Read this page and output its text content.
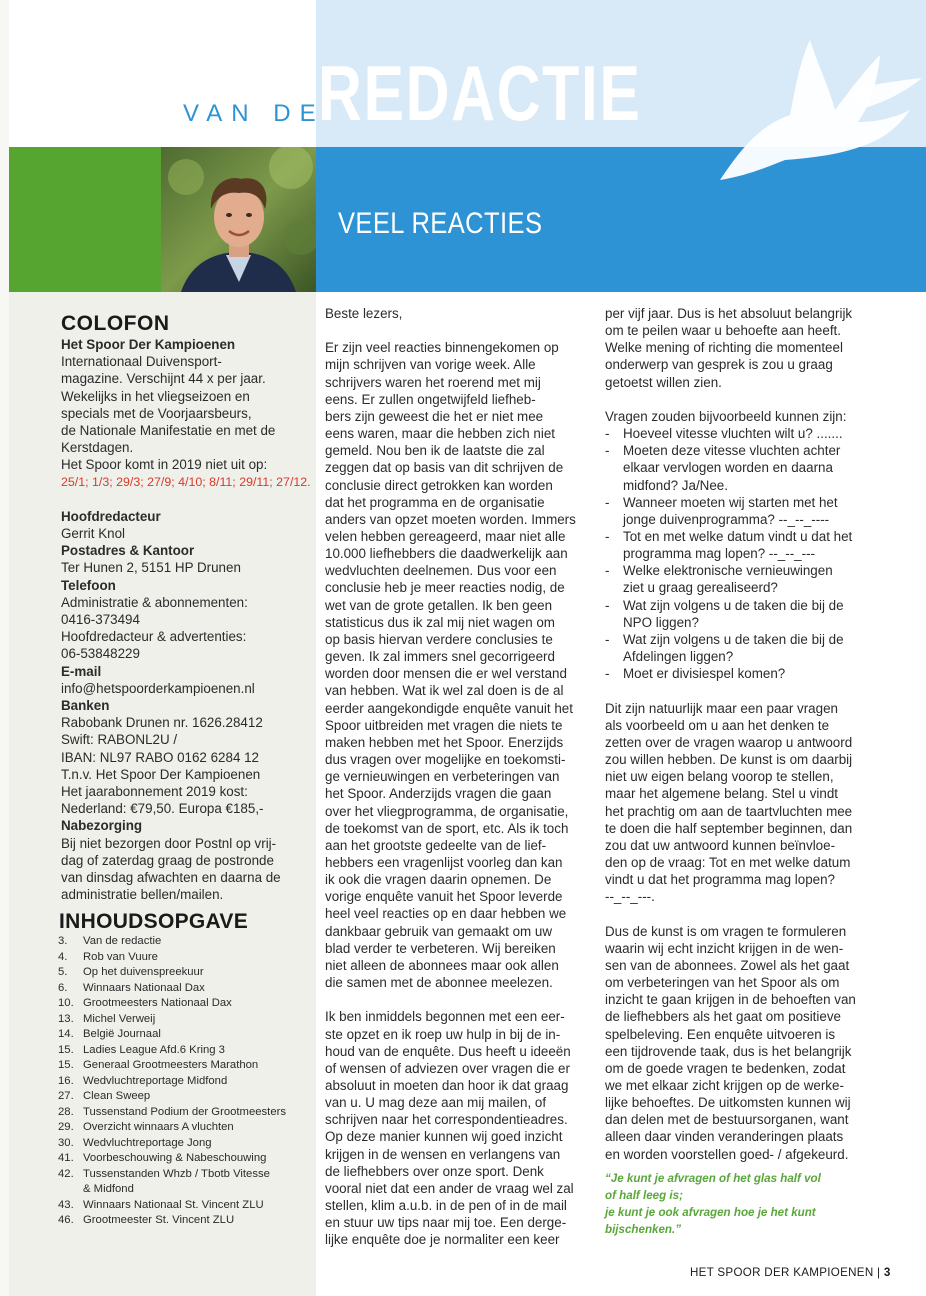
VAN DE
REDACTIE
VEEL REACTIES
COLOFON
Het Spoor Der Kampioenen
Internationaal Duivensport-
magazine. Verschijnt 44 x per jaar.
Wekelijks in het vliegseizoen en
specials met de Voorjaarsbeurs,
de Nationale Manifestatie en met de
Kerstdagen.
Het Spoor komt in 2019 niet uit op:
25/1; 1/3; 29/3; 27/9; 4/10; 8/11; 29/11; 27/12.
Hoofdredacteur
Gerrit Knol
Postadres & Kantoor
Ter Hunen 2, 5151 HP Drunen
Telefoon
Administratie & abonnementen:
0416-373494
Hoofdredacteur & advertenties:
06-53848229
E-mail
info@hetspoorderkampioenen.nl
Banken
Rabobank Drunen nr. 1626.28412
Swift: RABONL2U /
IBAN: NL97 RABO 0162 6284 12
T.n.v. Het Spoor Der Kampioenen
Het jaarabonnement 2019 kost:
Nederland: €79,50. Europa €185,-
Nabezorging
Bij niet bezorgen door Postnl op vrij-
dag of zaterdag graag de postronde
van dinsdag afwachten en daarna de
administratie bellen/mailen.
INHOUDSOPGAVE
3.	Van de redactie
4.	Rob van Vuure
5.	Op het duivenspreekuur
6.	Winnaars Nationaal Dax
10. Grootmeesters Nationaal Dax
13. Michel Verweij
14. België Journaal
15. Ladies League Afd.6 Kring 3
15. Generaal Grootmeesters Marathon
16. Wedvluchtreportage Midfond
27. Clean Sweep
28. Tussenstand Podium der Grootmeesters
29. Overzicht winnaars A vluchten
30. Wedvluchtreportage Jong
41. Voorbeschouwing & Nabeschouwing
42. Tussenstanden Whzb / Tbotb Vitesse
& Midfond
43. Winnaars Nationaal St. Vincent ZLU
46. Grootmeester St. Vincent ZLU

Beste lezers,

Er zijn veel reacties binnengekomen op
mijn schrijven van vorige week. Alle
schrijvers waren het roerend met mij
eens. Er zullen ongetwijfeld liefheb-
bers zijn geweest die het er niet mee
eens waren, maar die hebben zich niet
gemeld. Nou ben ik de laatste die zal
zeggen dat op basis van dit schrijven de
conclusie direct getrokken kan worden
dat het programma en de organisatie
anders van opzet moeten worden. Immers
velen hebben gereageerd, maar niet alle
10.000 liefhebbers die daadwerkelijk aan
wedvluchten deelnemen. Dus voor een
conclusie heb je meer reacties nodig, de
wet van de grote getallen. Ik ben geen
statisticus dus ik zal mij niet wagen om
op basis hiervan verdere conclusies te
geven. Ik zal immers snel gecorrigeerd
worden door mensen die er wel verstand
van hebben. Wat ik wel zal doen is de al
eerder aangekondigde enquête vanuit het
Spoor uitbreiden met vragen die niets te
maken hebben met het Spoor. Enerzijds
dus vragen over mogelijke en toekomsti-
ge vernieuwingen en verbeteringen van
het Spoor. Anderzijds vragen die gaan
over het vliegprogramma, de organisatie,
de toekomst van de sport, etc. Als ik toch
aan het grootste gedeelte van de lief-
hebbers een vragenlijst voorleg dan kan
ik ook die vragen daarin opnemen. De
vorige enquête vanuit het Spoor leverde
heel veel reacties op en daar hebben we
dankbaar gebruik van gemaakt om uw
blad verder te verbeteren. Wij bereiken
niet alleen de abonnees maar ook allen
die samen met de abonnee meelezen.

Ik ben inmiddels begonnen met een eer-
ste opzet en ik roep uw hulp in bij de in-
houd van de enquête. Dus heeft u ideeën
of wensen of adviezen over vragen die er
absoluut in moeten dan hoor ik dat graag
van u. U mag deze aan mij mailen, of
schrijven naar het correspondentieadres.
Op deze manier kunnen wij goed inzicht
krijgen in de wensen en verlangens van
de liefhebbers over onze sport. Denk
vooral niet dat een ander de vraag wel zal
stellen, klim a.u.b. in de pen of in de mail
en stuur uw tips naar mij toe. Een derge-
lijke enquête doe je normaliter een keer

per vijf jaar. Dus is het absoluut belangrijk
om te peilen waar u behoefte aan heeft.
Welke mening of richting die momenteel
onderwerp van gesprek is zou u graag
getoetst willen zien.

Vragen zouden bijvoorbeeld kunnen zijn:
-	Hoeveel vitesse vluchten wilt u? .......
-	Moeten deze vitesse vluchten achter
elkaar vervlogen worden en daarna
midfond? Ja/Nee.
-	Wanneer moeten wij starten met het
jonge duivenprogramma? --_--_----
-	Tot en met welke datum vindt u dat het
programma mag lopen? --_--_---
-	Welke elektronische vernieuwingen
ziet u graag gerealiseerd?
-	Wat zijn volgens u de taken die bij de
NPO liggen?
-	Wat zijn volgens u de taken die bij de
Afdelingen liggen?
-	Moet er divisiespel komen?

Dit zijn natuurlijk maar een paar vragen
als voorbeeld om u aan het denken te
zetten over de vragen waarop u antwoord
zou willen hebben. De kunst is om daarbij
niet uw eigen belang voorop te stellen,
maar het algemene belang. Stel u vindt
het prachtig om aan de taartvluchten mee
te doen die half september beginnen, dan
zou dat uw antwoord kunnen beïnvloe-
den op de vraag: Tot en met welke datum
vindt u dat het programma mag lopen?
--_--_---.

Dus de kunst is om vragen te formuleren
waarin wij echt inzicht krijgen in de wen-
sen van de abonnees. Zowel als het gaat
om verbeteringen van het Spoor als om
inzicht te gaan krijgen in de behoeften van
de liefhebbers als het gaat om positieve
spelbeleving. Een enquête uitvoeren is
een tijdrovende taak, dus is het belangrijk
om de goede vragen te bedenken, zodat
we met elkaar zicht krijgen op de werke-
lijke behoeftes. De uitkomsten kunnen wij
dan delen met de bestuursorganen, want
alleen daar vinden veranderingen plaats
en worden voorstellen goed- / afgekeurd.

“Je kunt je afvragen of het glas half vol
of half leeg is;
je kunt je ook afvragen hoe je het kunt
bijschenken.”
HET SPOOR DER KAMPIOENEN | 3
